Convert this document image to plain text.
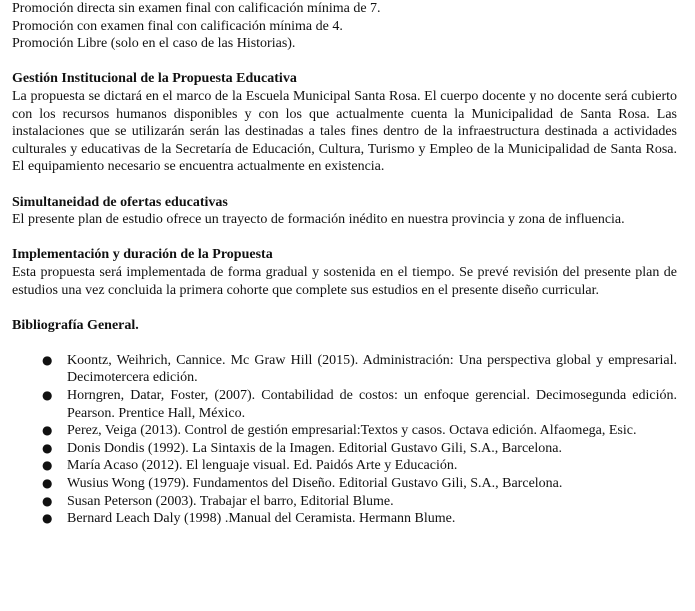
Promoción directa sin examen final con calificación mínima de 7.
Promoción con examen final con calificación mínima de 4.
Promoción Libre (solo en el caso de las Historias).
Gestión Institucional de la Propuesta Educativa
La propuesta se dictará en el marco de la Escuela Municipal Santa Rosa. El cuerpo docente y no docente será cubierto con los recursos humanos disponibles y con los que actualmente cuenta la Municipalidad de Santa Rosa. Las instalaciones que se utilizarán serán las destinadas a tales fines dentro de la infraestructura destinada a actividades culturales y educativas de la Secretaría de Educación, Cultura, Turismo y Empleo de la Municipalidad de Santa Rosa. El equipamiento necesario se encuentra actualmente en existencia.
Simultaneidad de ofertas educativas
El presente plan de estudio ofrece un trayecto de formación inédito en nuestra provincia y zona de influencia.
Implementación y duración de la Propuesta
Esta propuesta será implementada de forma gradual y sostenida en el tiempo. Se prevé revisión del presente plan de estudios una vez concluida la primera cohorte que complete sus estudios en el presente diseño curricular.
Bibliografía General.
● Koontz, Weihrich, Cannice. Mc Graw Hill (2015). Administración: Una perspectiva global y empresarial. Decimotercera edición.
● Horngren, Datar, Foster, (2007). Contabilidad de costos: un enfoque gerencial. Decimosegunda edición. Pearson. Prentice Hall, México.
● Perez, Veiga (2013). Control de gestión empresarial:Textos y casos. Octava edición. Alfaomega, Esic.
● Donis Dondis (1992). La Sintaxis de la Imagen. Editorial Gustavo Gili, S.A., Barcelona.
● María Acaso (2012). El lenguaje visual. Ed. Paidós Arte y Educación.
● Wusius Wong (1979). Fundamentos del Diseño. Editorial Gustavo Gili, S.A., Barcelona.
● Susan Peterson (2003). Trabajar el barro, Editorial Blume.
● Bernard Leach Daly (1998) .Manual del Ceramista. Hermann Blume.
